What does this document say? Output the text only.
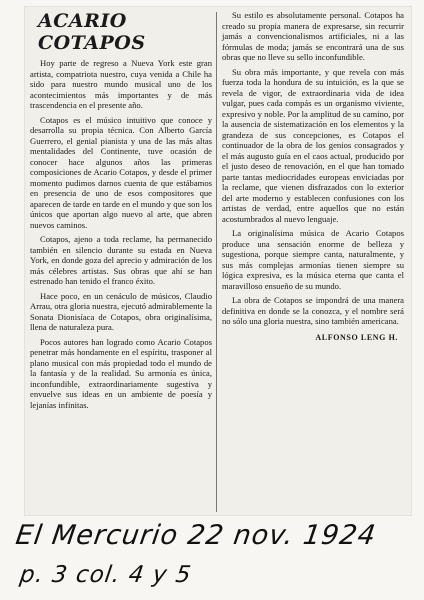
ACARIO COTAPOS

Hoy parte de regreso a Nueva York este gran artista, compatriota nuestro, cuya venida a Chile ha sido para nuestro mundo musical uno de los acontecimientos más importantes y de más trascendencia en el presente año.

Cotapos es el músico intuitivo que conoce y desarrolla su propia técnica. Con Alberto García Guerrero, el genial pianista y una de las más altas mentalidades del Continente, tuve ocasión de conocer hace algunos años las primeras composiciones de Acario Cotapos, y desde el primer momento pudimos darnos cuenta de que estábamos en presencia de uno de esos compositores que aparecen de tarde en tarde en el mundo y que son los únicos que aportan algo nuevo al arte, que abren nuevos caminos.

Cotapos, ajeno a toda reclame, ha permanecido también en silencio durante su estada en Nueva York, en donde goza del aprecio y admiración de los más célebres artistas. Sus obras que ahí se han estrenado han tenido el franco éxito.

Hace poco, en un cenáculo de músicos, Claudio Arrau, otra gloria nuestra, ejecutó admirablemente la Sonata Dionisíaca de Cotapos, obra originalísima, llena de naturaleza pura.

Pocos autores han logrado como Acario Cotapos penetrar más hondamente en el espíritu, trasponer al plano musical con más propiedad todo el mundo de la fantasía y de la realidad. Su armonía es única, inconfundible, extraordinariamente sugestiva y envuelve sus ideas en un ambiente de poesía y lejanías infinitas.

Su estilo es absolutamente personal. Cotapos ha creado su propia manera de expresarse, sin recurrir jamás a convencionalismos artificiales, ni a las fórmulas de moda; jamás se encontrará una de sus obras que no lleve su sello inconfundible.

Su obra más importante, y que revela con más fuerza toda la hondura de su intuición, es la que se revela de vigor, de extraordinaria vida de idea vulgar, pues cada compás es un organismo viviente, expresivo y noble. Por la amplitud de su camino, por la ausencia de sistematización en los elementos y la grandeza de sus concepciones, es Cotapos el continuador de la obra de los genios consagrados y el más augusto guía en el caos actual, producido por el justo deseo de renovación, en el que han tomado parte tantas mediocridades europeas enviciadas por la reclame, que vienen disfrazados con lo exterior del arte moderno y establecen confusiones con los artistas de verdad, entre aquellos que no están acostumbrados al nuevo lenguaje.

La originalísima música de Acario Cotapos produce una sensación enorme de belleza y sugestiona, porque siempre canta, naturalmente, y sus más complejas armonías tienen siempre su lógica expresiva, es la música eterna que canta el maravilloso ensueño de su mundo.

La obra de Cotapos se impondrá de una manera definitiva en donde se la conozca, y el nombre será no sólo una gloria nuestra, sino también americana.

ALFONSO LENG H.
El Mercurio 22 nov. 1924
p. 3 col. 4 y 5
